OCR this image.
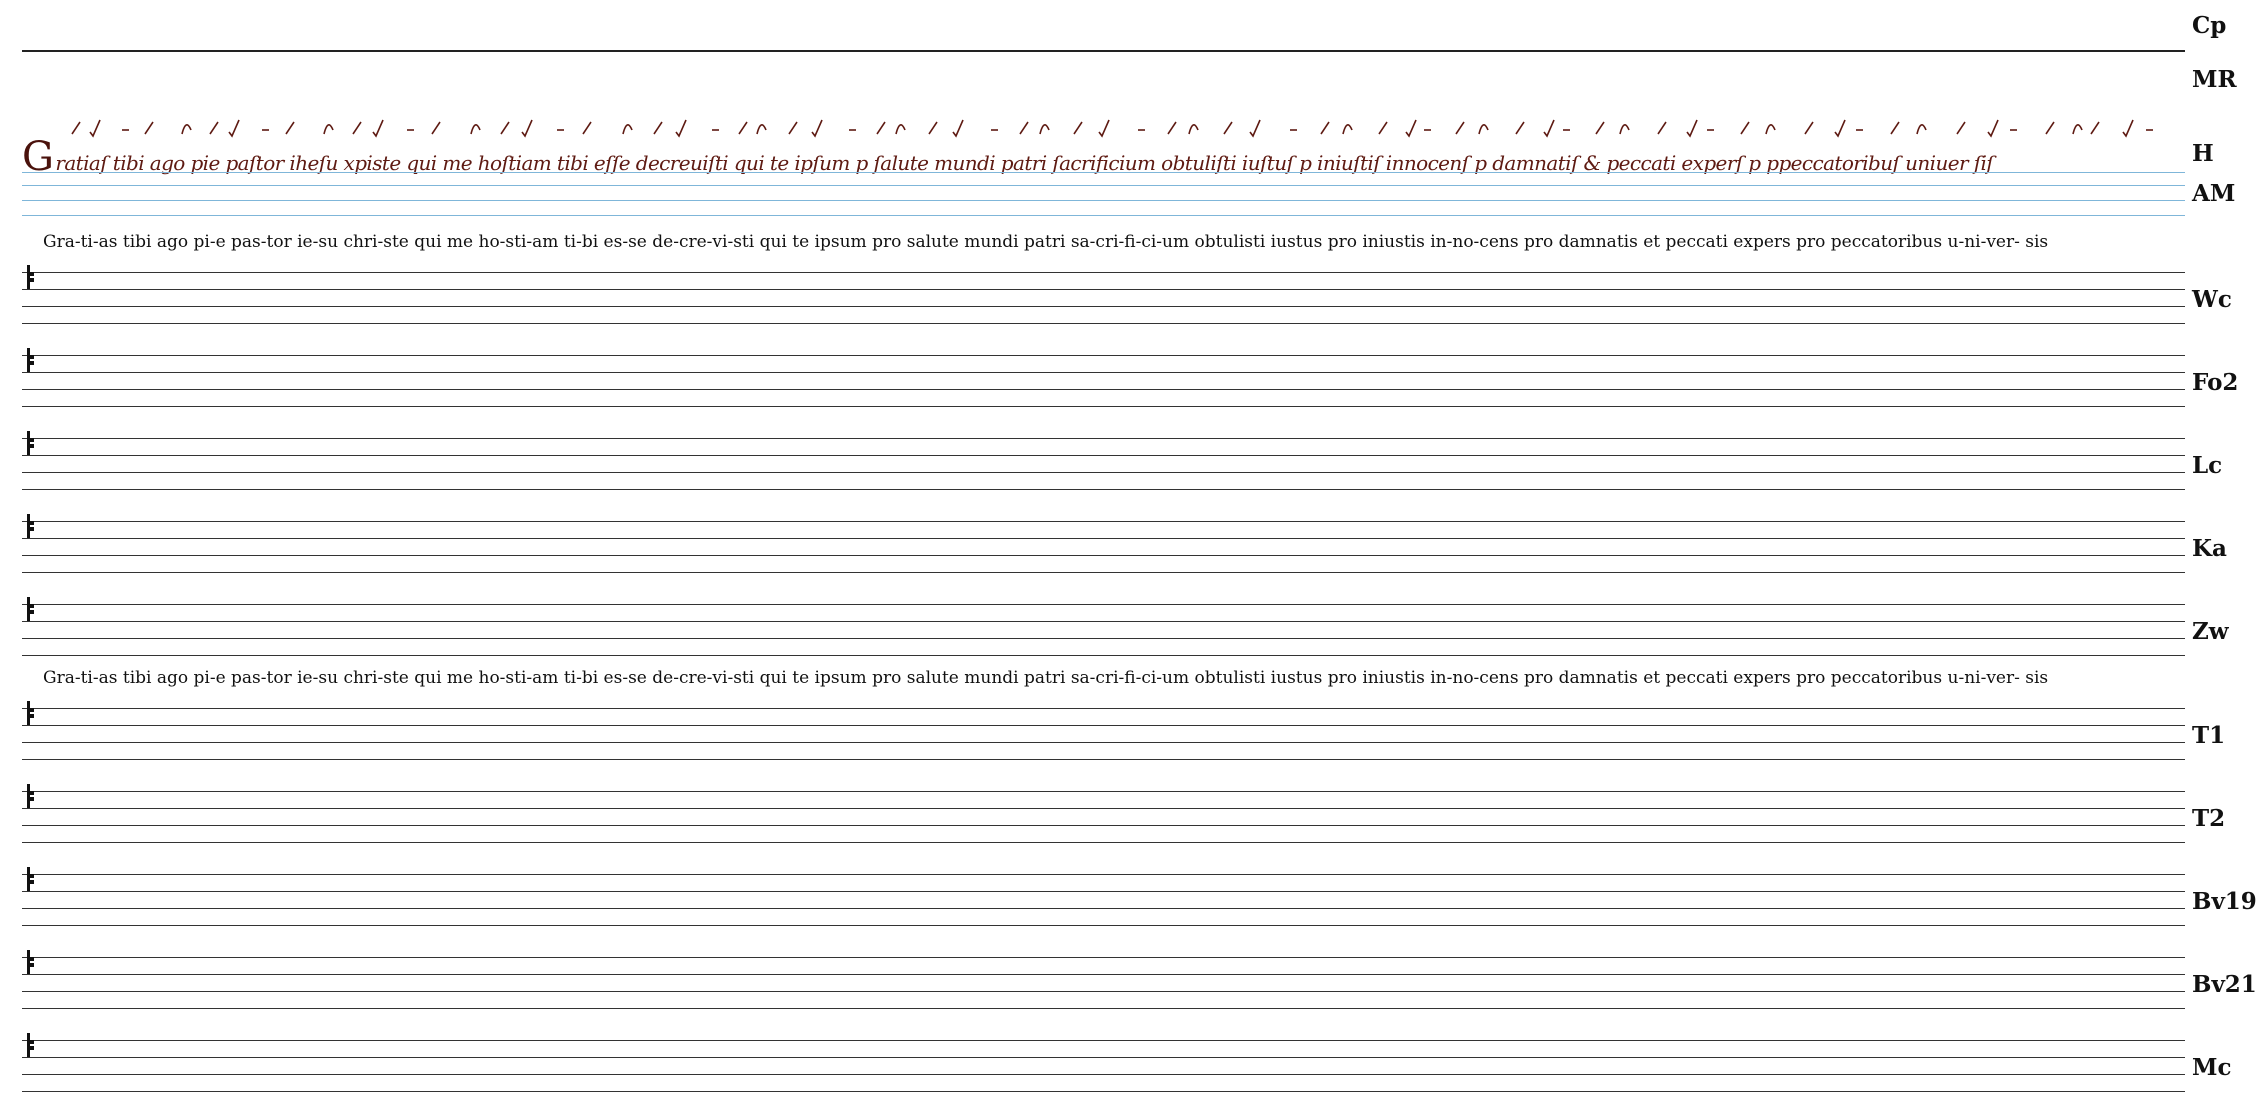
Cp
MR
H
AM
Wc
Fo2
Lc
Ka
Zw
T1
T2
Bv19
Bv21
Mc
Gratiaſ tibi ago pie paſtor iheſu xpiste qui me hoſtiam tibi eſſe decreuiſti qui te ipſum p ſalute mundi patri ſacrificium obtuliſti iuſtuſ p iniuſtiſ innocenſ p damnatiſ & peccati experſ p ppeccatoribuſ uniuer ſiſ
Gra-ti-as tibi ago pi-e pas-tor ie-su chri-ste qui me ho-sti-am ti-bi es-se de-cre-vi-sti qui te ipsum pro salute mundi patri sa-cri-fi-ci-um obtulisti iustus pro iniustis in-no-cens pro damnatis et peccati expers pro peccatoribus u-ni-ver- sis
Gra-ti-as tibi ago pi-e pas-tor ie-su chri-ste qui me ho-sti-am ti-bi es-se de-cre-vi-sti qui te ipsum pro salute mundi patri sa-cri-fi-ci-um obtulisti iustus pro iniustis in-no-cens pro damnatis et peccati expers pro peccatoribus u-ni-ver- sis
